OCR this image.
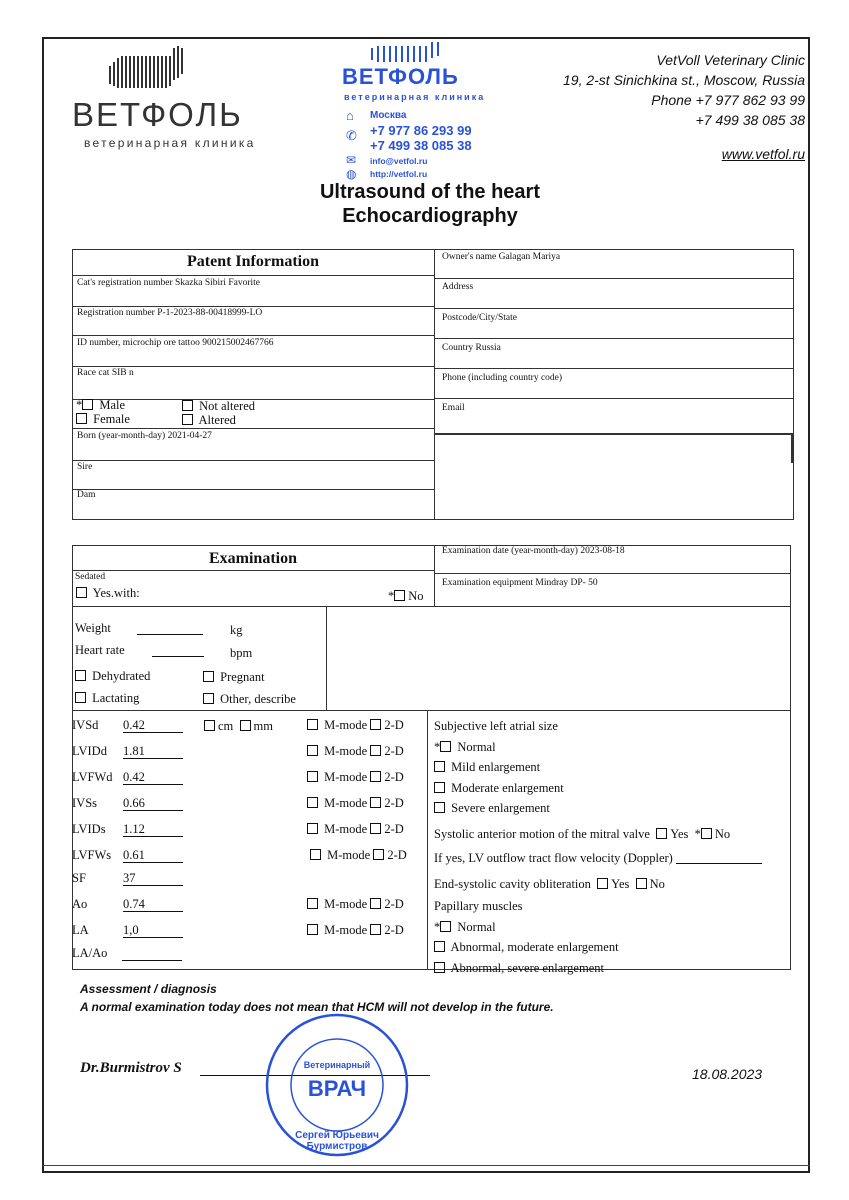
ВЕТФОЛЬ
ветеринарная клиника
ВЕТФОЛЬ
ветеринарная клиника
⌂ Москва
✆ +7 977 86 293 99
+7 499 38 085 38
✉ info@vetfol.ru
◍ http://vetfol.ru
VetVoll Veterinary Clinic
19, 2-st Sinichkina st., Moscow, Russia
Phone +7 977 862 93 99
+7 499 38 085 38
www.vetfol.ru
Ultrasound of the heart
Echocardiography
Patent Information
Cat's registration number Skazka Sibiri Favorite
Registration number P-1-2023-88-00418999-LO
ID number, microchip ore tattoo 900215002467766
Race cat SIB n
* Male
Female
Not altered
Altered
Born (year-month-day) 2021-04-27
Sire
Dam
Owner's name Galagan Mariya
Address
Postcode/City/State
Country Russia
Phone (including country code)
Email
Examination	Examination date (year-month-day) 2023-08-18
Examination equipment Mindray DP- 50
Sedated
Yes.with:	* No
Weight	kg
Heart rate	bpm
Dehydrated	Pregnant
Lactating	Other, describe
cm mm
IVSd 0.42	M-mode 2-D
LVIDd 1.81	M-mode 2-D
LVFWd 0.42	M-mode 2-D
IVSs 0.66	M-mode 2-D
LVIDs 1.12	M-mode 2-D
LVFWs 0.61	M-mode 2-D
SF	37
Ao	0.74	M-mode 2-D
LA	1,0	M-mode 2-D
LA/Ao
Subjective left atrial size
* Normal
Mild enlargement
Moderate enlargement
Severe enlargement
Systolic anterior motion of the mitral valve Yes * No
If yes, LV outflow tract flow velocity (Doppler)
End-systolic cavity obliteration Yes No
Papillary muscles
* Normal
Abnormal, moderate enlargement
Abnormal, severe enlargement
Assessment / diagnosis
A normal examination today does not mean that HCM will not develop in the future.
Dr.Burmistrov S	18.08.2023
Сергей Юрьевич Бурмистров
Ветеринарный
ВРАЧ
